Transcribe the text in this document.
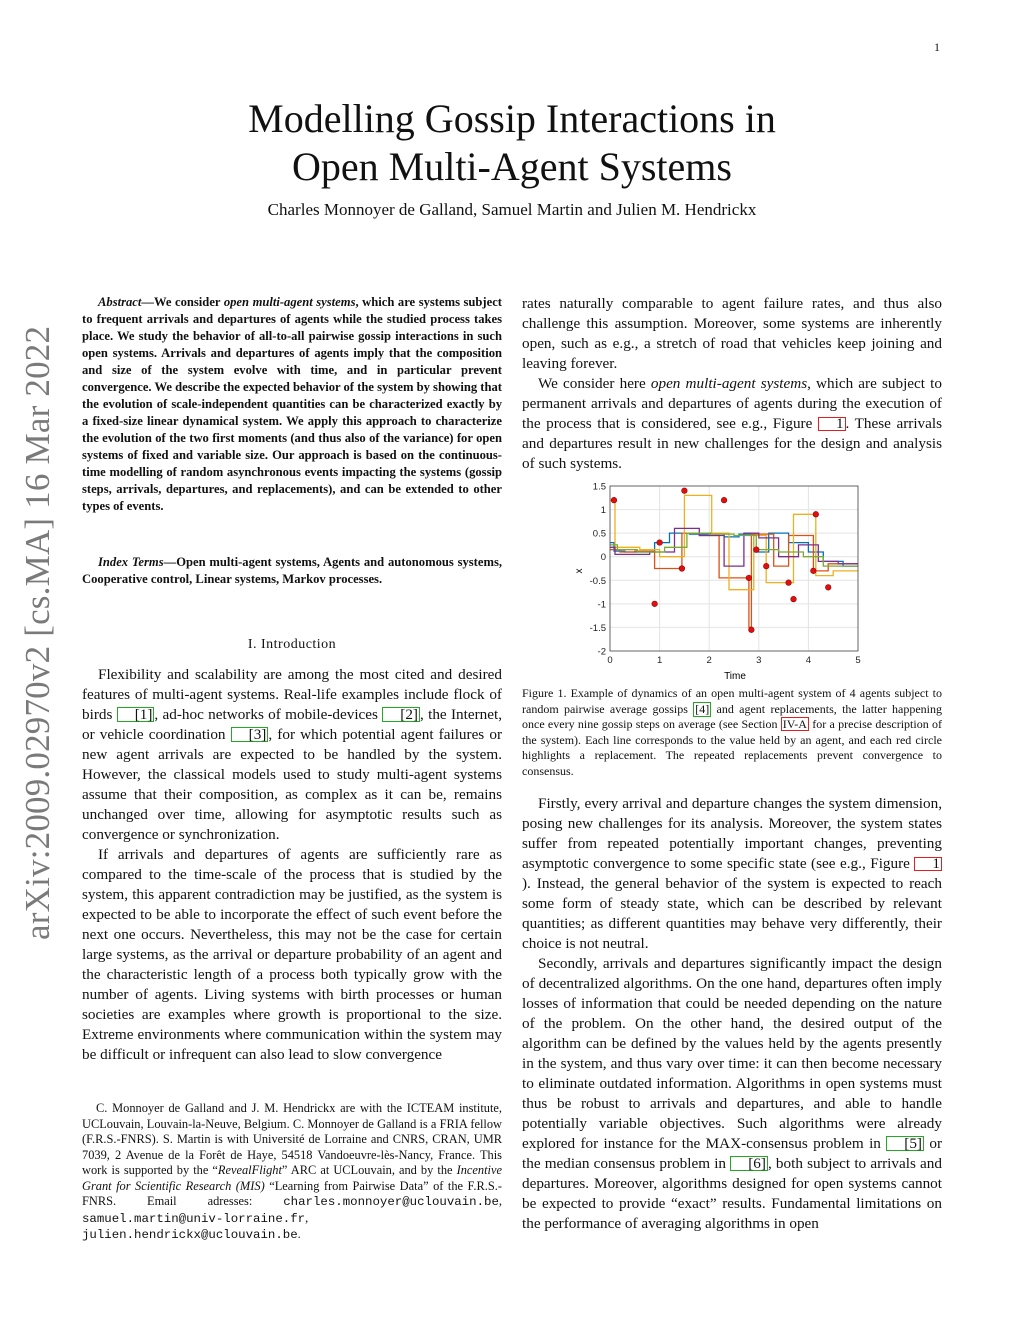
1
arXiv:2009.02970v2 [cs.MA] 16 Mar 2022
Modelling Gossip Interactions in
Open Multi-Agent Systems
Charles Monnoyer de Galland, Samuel Martin and Julien M. Hendrickx
Abstract—We consider open multi-agent systems, which are systems subject to frequent arrivals and departures of agents while the studied process takes place. We study the behavior of all-to-all pairwise gossip interactions in such open systems. Arrivals and departures of agents imply that the composition and size of the system evolve with time, and in particular prevent convergence. We describe the expected behavior of the system by showing that the evolution of scale-independent quantities can be characterized exactly by a fixed-size linear dynamical system. We apply this approach to characterize the evolution of the two first moments (and thus also of the variance) for open systems of fixed and variable size. Our approach is based on the continuous-time modelling of random asynchronous events impacting the systems (gossip steps, arrivals, departures, and replacements), and can be extended to other types of events.
Index Terms—Open multi-agent systems, Agents and autonomous systems, Cooperative control, Linear systems, Markov processes.
I. Introduction

Flexibility and scalability are among the most cited and desired features of multi-agent systems. Real-life examples include flock of birds [1] , ad-hoc networks of mobile-devices [2] , the Internet, or vehicle coordination [3] , for which potential agent failures or new agent arrivals are expected to be handled by the system. However, the classical models used to study multi-agent systems assume that their composition, as complex as it can be, remains unchanged over time, allowing for asymptotic results such as convergence or synchronization.

If arrivals and departures of agents are sufficiently rare as compared to the time-scale of the process that is studied by the system, this apparent contradiction may be justified, as the system is expected to be able to incorporate the effect of such event before the next one occurs. Nevertheless, this may not be the case for certain large systems, as the arrival or departure probability of an agent and the characteristic length of a process both typically grow with the number of agents. Living systems with birth processes or human societies are examples where growth is proportional to the size. Extreme environments where communication within the system may be difficult or infrequent can also lead to slow convergence

C. Monnoyer de Galland and J. M. Hendrickx are with the ICTEAM institute, UCLouvain, Louvain-la-Neuve, Belgium. C. Monnoyer de Galland is a FRIA fellow (F.R.S.-FNRS). S. Martin is with Université de Lorraine and CNRS, CRAN, UMR 7039, 2 Avenue de la Forêt de Haye, 54518 Vandoeuvre-lès-Nancy, France. This work is supported by the “RevealFlight” ARC at UCLouvain, and by the Incentive Grant for Scientific Research (MIS) “Learning from Pairwise Data” of the F.R.S.-FNRS. Email adresses: charles.monnoyer@uclouvain.be, samuel.martin@univ-lorraine.fr, julien.hendrickx@uclouvain.be.

rates naturally comparable to agent failure rates, and thus also challenge this assumption. Moreover, some systems are inherently open, such as e.g., a stretch of road that vehicles keep joining and leaving forever.

We consider here open multi-agent systems, which are subject to permanent arrivals and departures of agents during the execution of the process that is considered, see e.g., Figure 1 . These arrivals and departures result in new challenges for the design and analysis of such systems.

0	1	2	3	4	5
1.5
1
0.5
0
-0.5
-1
-1.5
-2
Time
x
Figure 1. Example of dynamics of an open multi-agent system of 4 agents subject to random pairwise average gossips [4] and agent replacements, the latter happening once every nine gossip steps on average (see Section IV-A for a precise description of the system). Each line corresponds to the value held by an agent, and each red circle highlights a replacement. The repeated replacements prevent convergence to consensus.

Firstly, every arrival and departure changes the system dimension, posing new challenges for its analysis. Moreover, the system states suffer from repeated potentially important changes, preventing asymptotic convergence to some specific state (see e.g., Figure 1). Instead, the general behavior of the system is expected to reach some form of steady state, which can be described by relevant quantities; as different quantities may behave very differently, their choice is not neutral.

Secondly, arrivals and departures significantly impact the design of decentralized algorithms. On the one hand, departures often imply losses of information that could be needed depending on the nature of the problem. On the other hand, the desired output of the algorithm can be defined by the values held by the agents presently in the system, and thus vary over time: it can then become necessary to eliminate outdated information. Algorithms in open systems must thus be robust to arrivals and departures, and able to handle potentially variable objectives. Such algorithms were already explored for instance for the MAX-consensus problem in [5] or the median consensus problem in [6] , both subject to arrivals and departures. Moreover, algorithms designed for open systems cannot be expected to provide “exact” results. Fundamental limitations on the performance of averaging algorithms in open
